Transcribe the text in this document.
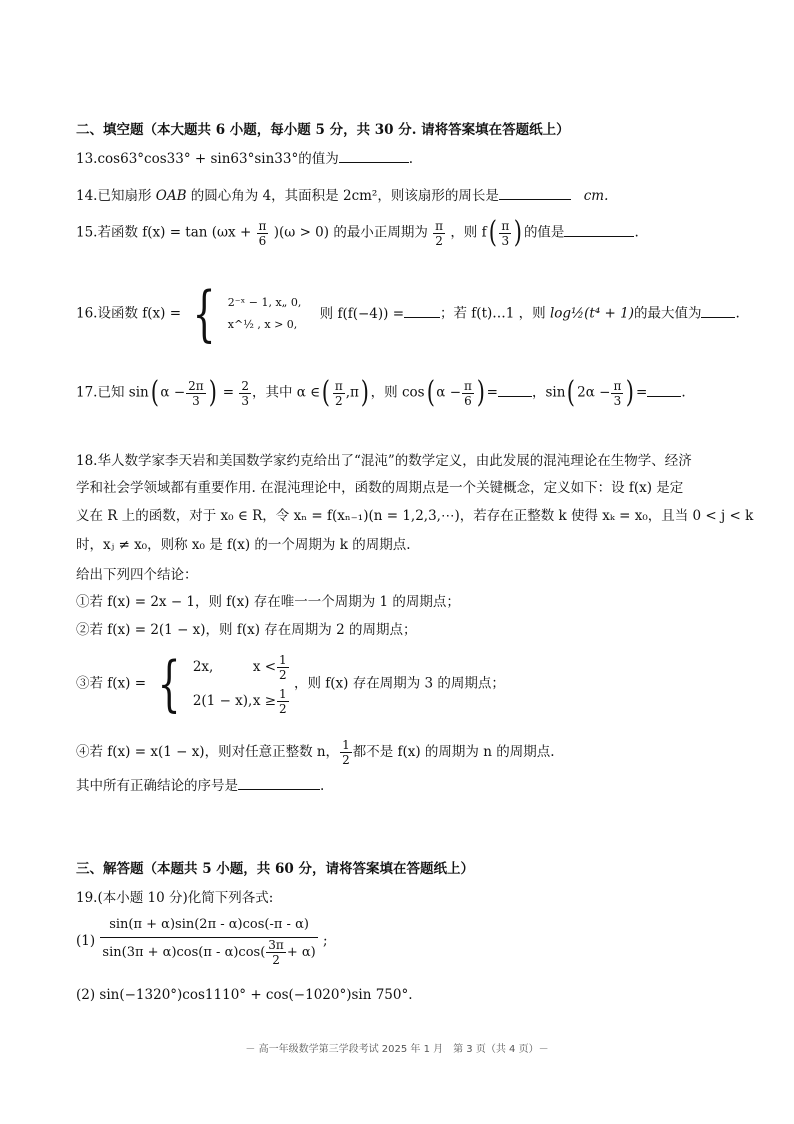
二、填空题（本大题共 6 小题，每小题 5 分，共 30 分. 请将答案填在答题纸上）
13.cos63°cos33° + sin63°sin33°的值为	.
14.已知扇形 OAB 的圆心角为 4，其面积是 2cm²，则该扇形的周长是	cm.
15.若函数 $f(x) = \tan (\omega x + \frac{\pi}{6} )(\omega > 0)$ 的最小正周期为 $\frac{\pi}{2}$ ，则 $f( \frac{\pi}{3}$ ) 的值是	.
16.设函数 f(x) = { 2⁻ˣ − 1, x„ 0,
x^½ , x > 0,
则 f(f(−4)) =	；若 f(t)…1 ，则 log½(t⁴ + 1)的最大值为	.
17.已知 sin( $\alpha - \frac{2\pi}{3}$ ) = $\frac{2}{3}$ ，其中 α ∈( $\frac{\pi}{2} ,\pi$) ，则 cos( $\alpha - \frac{\pi}{6}$ ) =	，sin( $2\alpha - \frac{\pi}{3}$ ) =	.
18.华人数学家李天岩和美国数学家约克给出了“混沌”的数学定义，由此发展的混沌理论在生物学、经济
学和社会学领域都有重要作用. 在混沌理论中，函数的周期点是一个关键概念，定义如下：设 f(x) 是定
义在 R 上的函数，对于 x₀ ∈ R，令 xₙ = f(xₙ₋₁)(n = 1,2,3,⋯)，若存在正整数 k 使得 xₖ = x₀，且当 0 < j < k
时，xⱼ ≠ x₀，则称 x₀ 是 f(x) 的一个周期为 k 的周期点.
给出下列四个结论：
①若 f(x) = 2x − 1，则 f(x) 存在唯一一个周期为 1 的周期点；
②若 f(x) = 2(1 − x)，则 f(x) 存在周期为 2 的周期点；
③若 f(x) = { 2x,	$x < \frac{1}{2}$
$2(1 - x),x \ge \frac{1}{2}$
，则 f(x) 存在周期为 3 的周期点；
④若 f(x) = x(1 − x)，则对任意正整数 n， $\frac{1}{2}$ 都不是 f(x) 的周期为 n 的周期点.
其中所有正确结论的序号是	.
三、解答题（本题共 5 小题，共 60 分，请将答案填在答题纸上）
19.(本小题 10 分)化简下列各式:
$(1) \frac{\sin(\pi + \alpha)\sin(2\pi - \alpha)\cos(-\pi - \alpha)}{\sin(3\pi + \alpha)\cos(\pi - \alpha)\cos( \frac{3\pi}{2} + \alpha)}$ ;
(2) sin(−1320°)cos1110° + cos(−1020°)sin 750°.
－ 高一年级数学第三学段考试 2025 年 1 月　第 3 页（共 4 页）－
